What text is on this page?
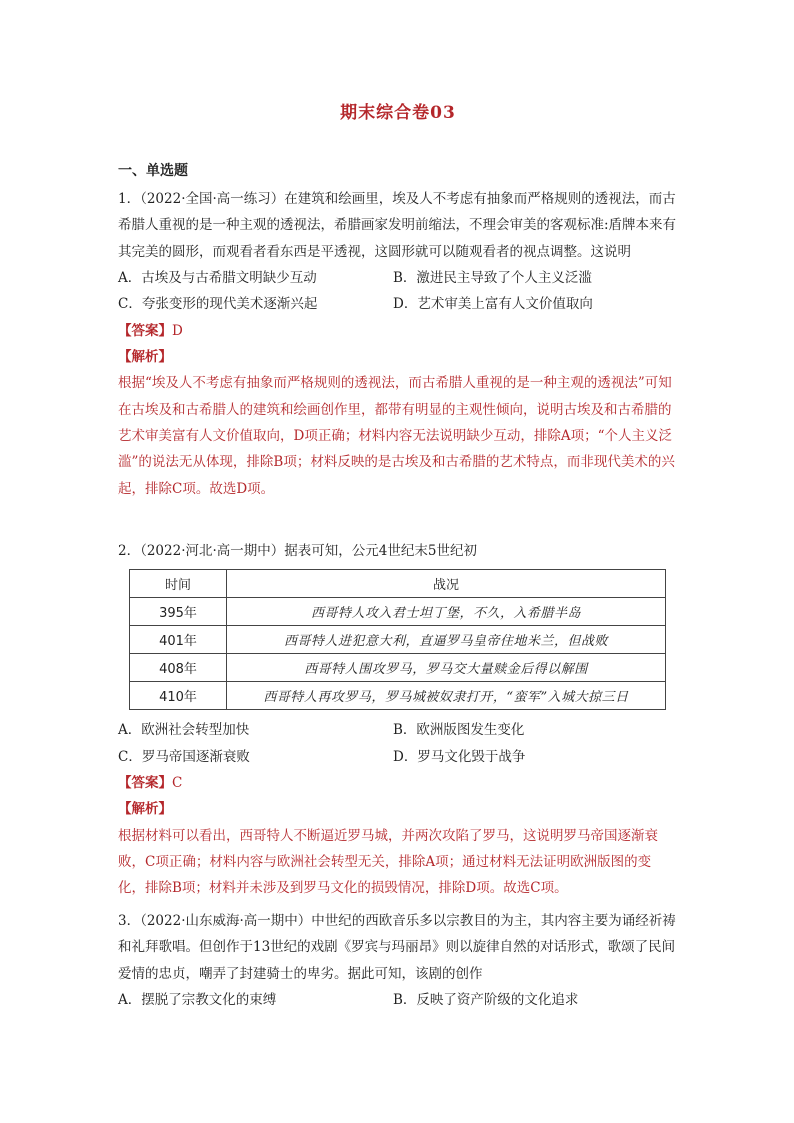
期末综合卷03
一、单选题
1．（2022·全国·高一练习）在建筑和绘画里，埃及人不考虑有抽象而严格规则的透视法，而古希腊人重视的是一种主观的透视法，希腊画家发明前缩法，不理会审美的客观标准:盾牌本来有其完美的圆形，而观看者看东西是平透视，这圆形就可以随观看者的视点调整。这说明
A．古埃及与古希腊文明缺少互动	B．激进民主导致了个人主义泛滥
C．夸张变形的现代美术逐渐兴起	D．艺术审美上富有人文价值取向
【答案】D
【解析】
根据“埃及人不考虑有抽象而严格规则的透视法，而古希腊人重视的是一种主观的透视法”可知在古埃及和古希腊人的建筑和绘画创作里，都带有明显的主观性倾向，说明古埃及和古希腊的艺术审美富有人文价值取向，D项正确；材料内容无法说明缺少互动，排除A项；“个人主义泛滥”的说法无从体现，排除B项；材料反映的是古埃及和古希腊的艺术特点，而非现代美术的兴起，排除C项。故选D项。
2．（2022·河北·高一期中）据表可知，公元4世纪末5世纪初
时间	战况
395年	西哥特人攻入君士坦丁堡，不久，入希腊半岛
401年	西哥特人进犯意大利，直逼罗马皇帝住地米兰，但战败
408年	西哥特人围攻罗马，罗马交大量赎金后得以解围
410年	西哥特人再攻罗马，罗马城被奴隶打开，“蛮军”入城大掠三日
A．欧洲社会转型加快	B．欧洲版图发生变化
C．罗马帝国逐渐衰败	D．罗马文化毁于战争
【答案】C
【解析】
根据材料可以看出，西哥特人不断逼近罗马城，并两次攻陷了罗马，这说明罗马帝国逐渐衰败，C项正确；材料内容与欧洲社会转型无关，排除A项；通过材料无法证明欧洲版图的变化，排除B项；材料并未涉及到罗马文化的损毁情况，排除D项。故选C项。
3．（2022·山东威海·高一期中）中世纪的西欧音乐多以宗教目的为主，其内容主要为诵经祈祷和礼拜歌唱。但创作于13世纪的戏剧《罗宾与玛丽昂》则以旋律自然的对话形式，歌颂了民间爱情的忠贞，嘲弄了封建骑士的卑劣。据此可知，该剧的创作
A．摆脱了宗教文化的束缚	B．反映了资产阶级的文化追求
